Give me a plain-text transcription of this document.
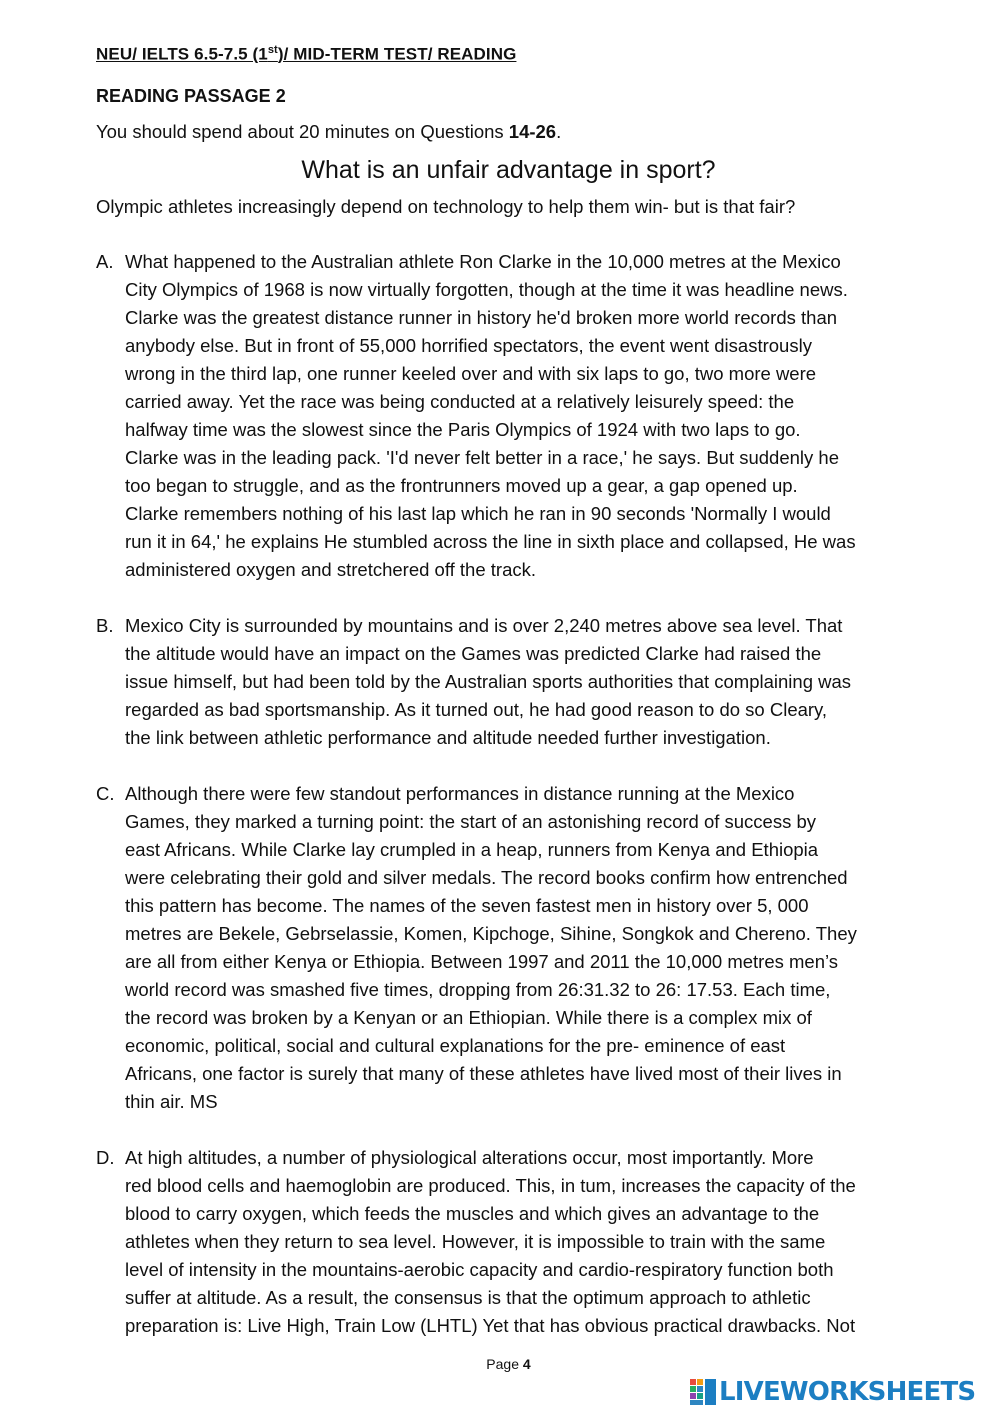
NEU/ IELTS 6.5-7.5 (1st)/ MID-TERM TEST/ READING
READING PASSAGE 2
You should spend about 20 minutes on Questions 14-26.
What is an unfair advantage in sport?
Olympic athletes increasingly depend on technology to help them win- but is that fair?
A. What happened to the Australian athlete Ron Clarke in the 10,000 metres at the Mexico
City Olympics of 1968 is now virtually forgotten, though at the time it was headline news.
Clarke was the greatest distance runner in history he'd broken more world records than
anybody else. But in front of 55,000 horrified spectators, the event went disastrously
wrong in the third lap, one runner keeled over and with six laps to go, two more were
carried away. Yet the race was being conducted at a relatively leisurely speed: the
halfway time was the slowest since the Paris Olympics of 1924 with two laps to go.
Clarke was in the leading pack. 'I'd never felt better in a race,' he says. But suddenly he
too began to struggle, and as the frontrunners moved up a gear, a gap opened up.
Clarke remembers nothing of his last lap which he ran in 90 seconds 'Normally I would
run it in 64,' he explains He stumbled across the line in sixth place and collapsed, He was
administered oxygen and stretchered off the track.
B. Mexico City is surrounded by mountains and is over 2,240 metres above sea level. That
the altitude would have an impact on the Games was predicted Clarke had raised the
issue himself, but had been told by the Australian sports authorities that complaining was
regarded as bad sportsmanship. As it turned out, he had good reason to do so Cleary,
the link between athletic performance and altitude needed further investigation.
C. Although there were few standout performances in distance running at the Mexico
Games, they marked a turning point: the start of an astonishing record of success by
east Africans. While Clarke lay crumpled in a heap, runners from Kenya and Ethiopia
were celebrating their gold and silver medals. The record books confirm how entrenched
this pattern has become. The names of the seven fastest men in history over 5, 000
metres are Bekele, Gebrselassie, Komen, Kipchoge, Sihine, Songkok and Chereno. They
are all from either Kenya or Ethiopia. Between 1997 and 2011 the 10,000 metres men’s
world record was smashed five times, dropping from 26:31.32 to 26: 17.53. Each time,
the record was broken by a Kenyan or an Ethiopian. While there is a complex mix of
economic, political, social and cultural explanations for the pre- eminence of east
Africans, one factor is surely that many of these athletes have lived most of their lives in
thin air. MS
D. At high altitudes, a number of physiological alterations occur, most importantly. More
red blood cells and haemoglobin are produced. This, in tum, increases the capacity of the
blood to carry oxygen, which feeds the muscles and which gives an advantage to the
athletes when they return to sea level. However, it is impossible to train with the same
level of intensity in the mountains-aerobic capacity and cardio-respiratory function both
suffer at altitude. As a result, the consensus is that the optimum approach to athletic
preparation is: Live High, Train Low (LHTL) Yet that has obvious practical drawbacks. Not
Page 4
LIVEWORKSHEETS
